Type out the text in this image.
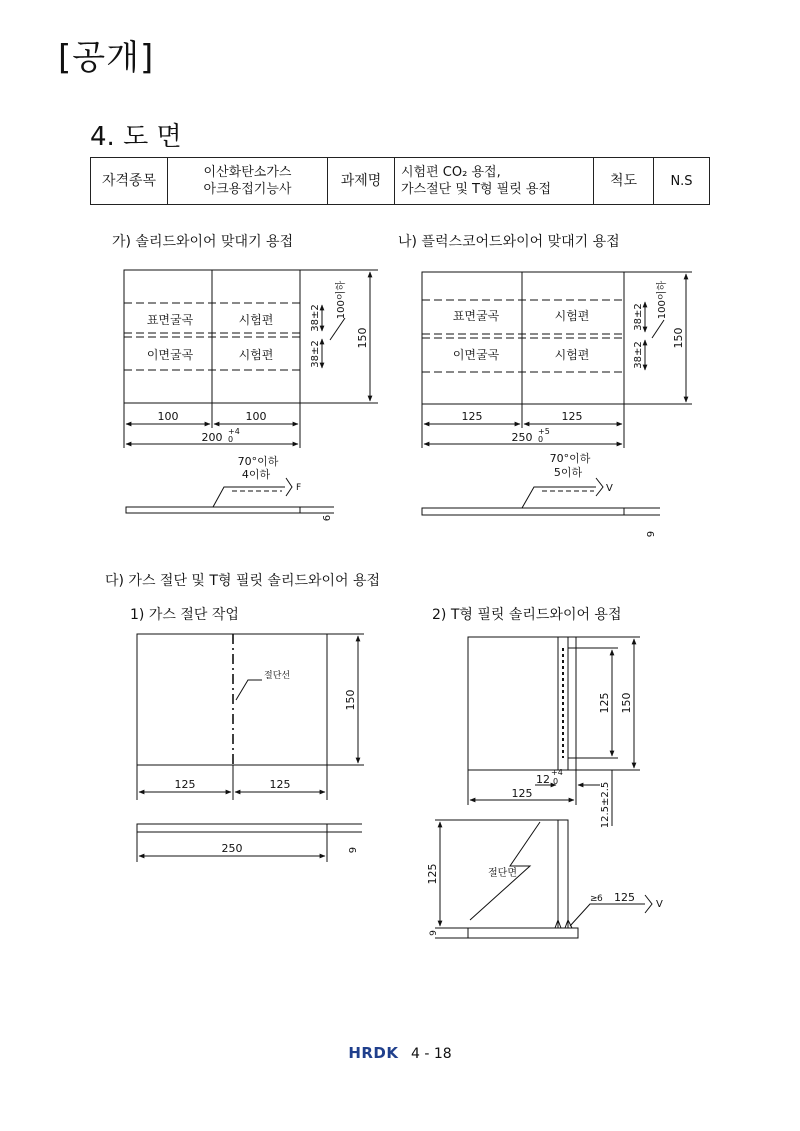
[공개]
4. 도 면
자격종목	이산화탄소가스
아크용접기능사
	과제명	시험편 CO₂ 용접,
가스절단 및 T형 필릿 용접
	척도	N.S
가) 솔리드와이어 맞대기 용접	나) 플럭스코어드와이어 맞대기 용접
다) 가스 절단 및 T형 필릿 솔리드와이어 용접
1) 가스 절단 작업	2) T형 필릿 솔리드와이어 용접
표면굴곡	시험편
이면굴곡	시험편
100	100
200 +4
0
70°이하
4이하
F
38±2
38±2
100이하
150
6
표면굴곡	시험편
이면굴곡	시험편
125	125
250 +5
0
70°이하
5이하
V
38±2
38±2
100이하
150
9
절단선
125	125
250
150
9
125 150
12
+4
0
125	12.5±2.5
125	절단면
9
≥ 6 125
V
HRDK 4 - 18
